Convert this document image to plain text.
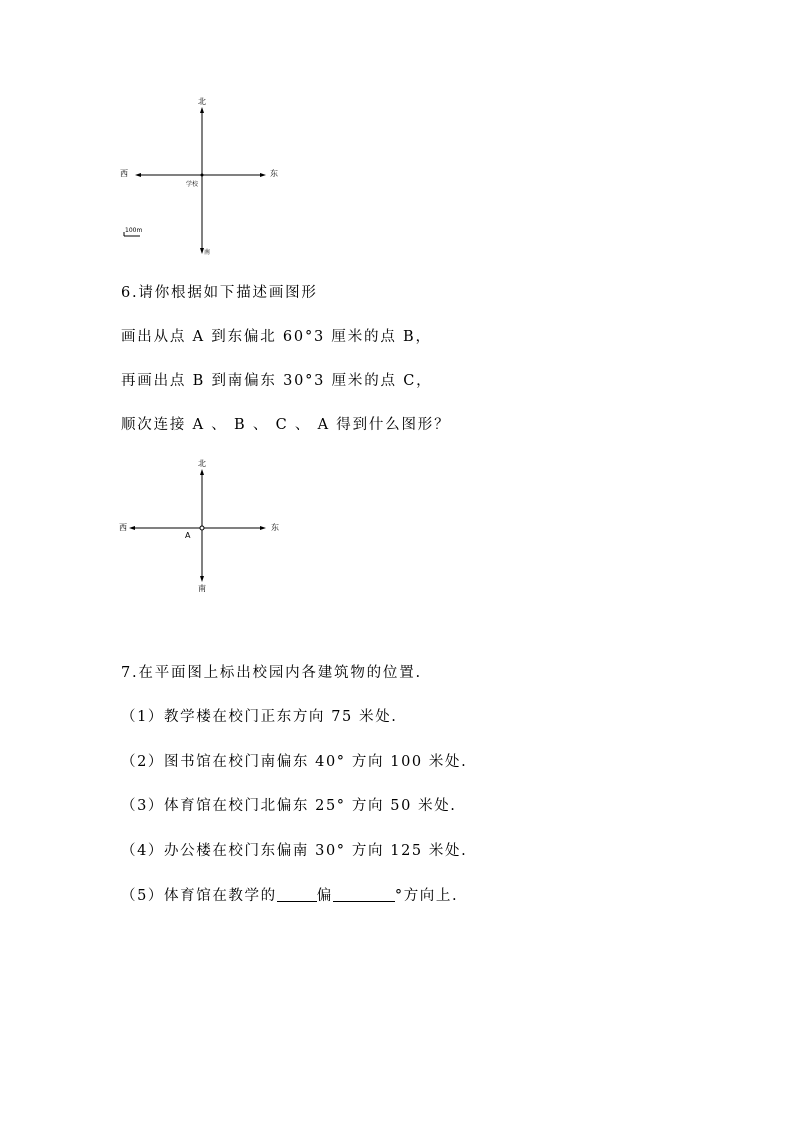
北
西	东
学校
100m
南
6.请你根据如下描述画图形
画出从点 A 到东偏北 60°3 厘米的点 B，
再画出点 B 到南偏东 30°3 厘米的点 C，
顺次连接 A 、 B 、 C 、 A 得到什么图形？
北
西	东
A
南
7.在平面图上标出校园内各建筑物的位置.
（1）教学楼在校门正东方向 75 米处.
（2）图书馆在校门南偏东 40° 方向 100 米处.
（3）体育馆在校门北偏东 25° 方向 50 米处.
（4）办公楼在校门东偏南 30° 方向 125 米处.
（5）体育馆在教学的	偏	°方向上.
